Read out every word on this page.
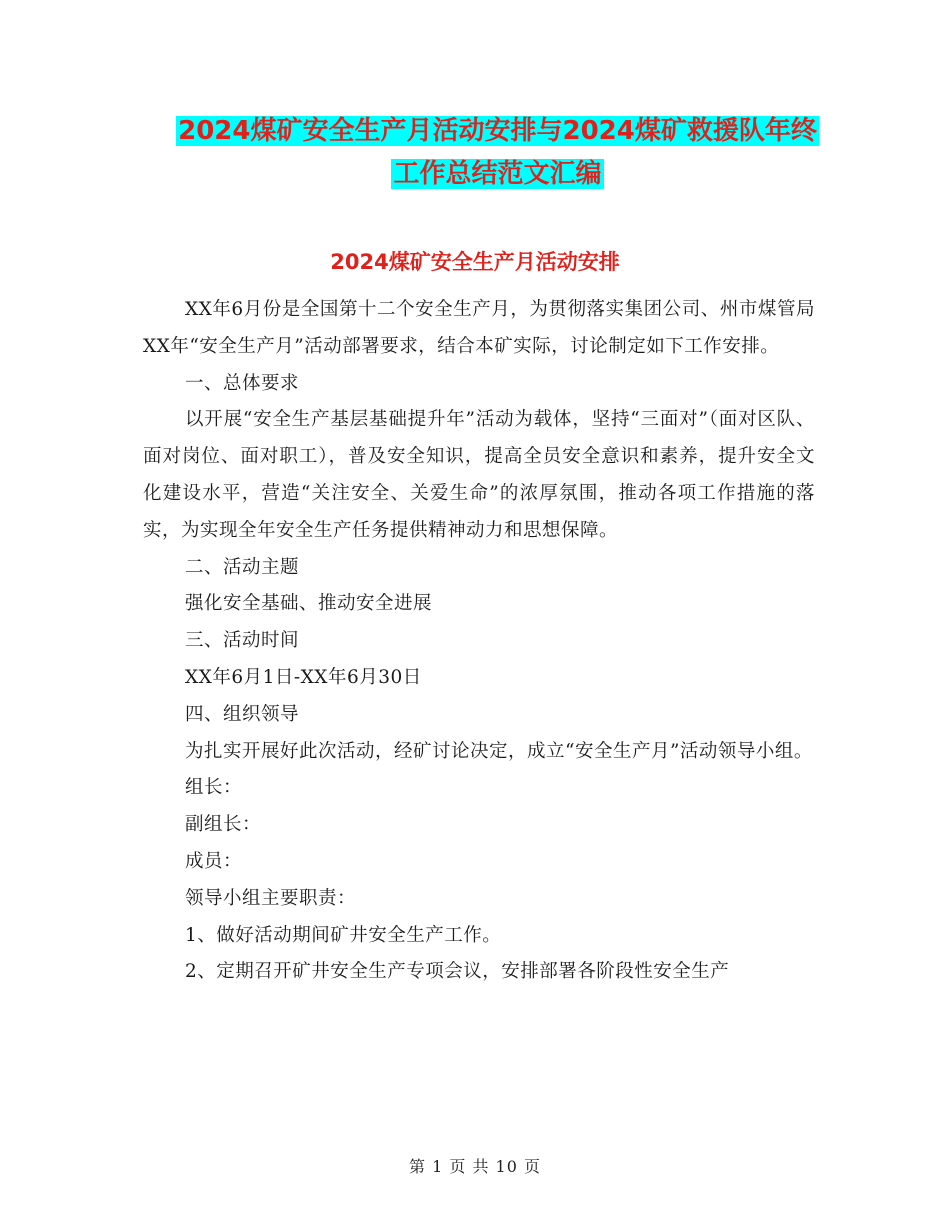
2024煤矿安全生产月活动安排与2024煤矿救援队年终
工作总结范文汇编
2024煤矿安全生产月活动安排

XX年6月份是全国第十二个安全生产月，为贯彻落实集团公司、州市煤管局XX年“安全生产月”活动部署要求，结合本矿实际，讨论制定如下工作安排。

一、总体要求

以开展“安全生产基层基础提升年”活动为载体，坚持“三面对”（面对区队、面对岗位、面对职工），普及安全知识，提高全员安全意识和素养，提升安全文化建设水平，营造“关注安全、关爱生命”的浓厚氛围，推动各项工作措施的落实，为实现全年安全生产任务提供精神动力和思想保障。

二、活动主题

强化安全基础、推动安全进展

三、活动时间

XX年6月1日-XX年6月30日

四、组织领导

为扎实开展好此次活动，经矿讨论决定，成立“安全生产月”活动领导小组。

组长：

副组长：

成员：

领导小组主要职责：

1、做好活动期间矿井安全生产工作。

2、定期召开矿井安全生产专项会议，安排部署各阶段性安全生产

第 1 页 共 10 页
